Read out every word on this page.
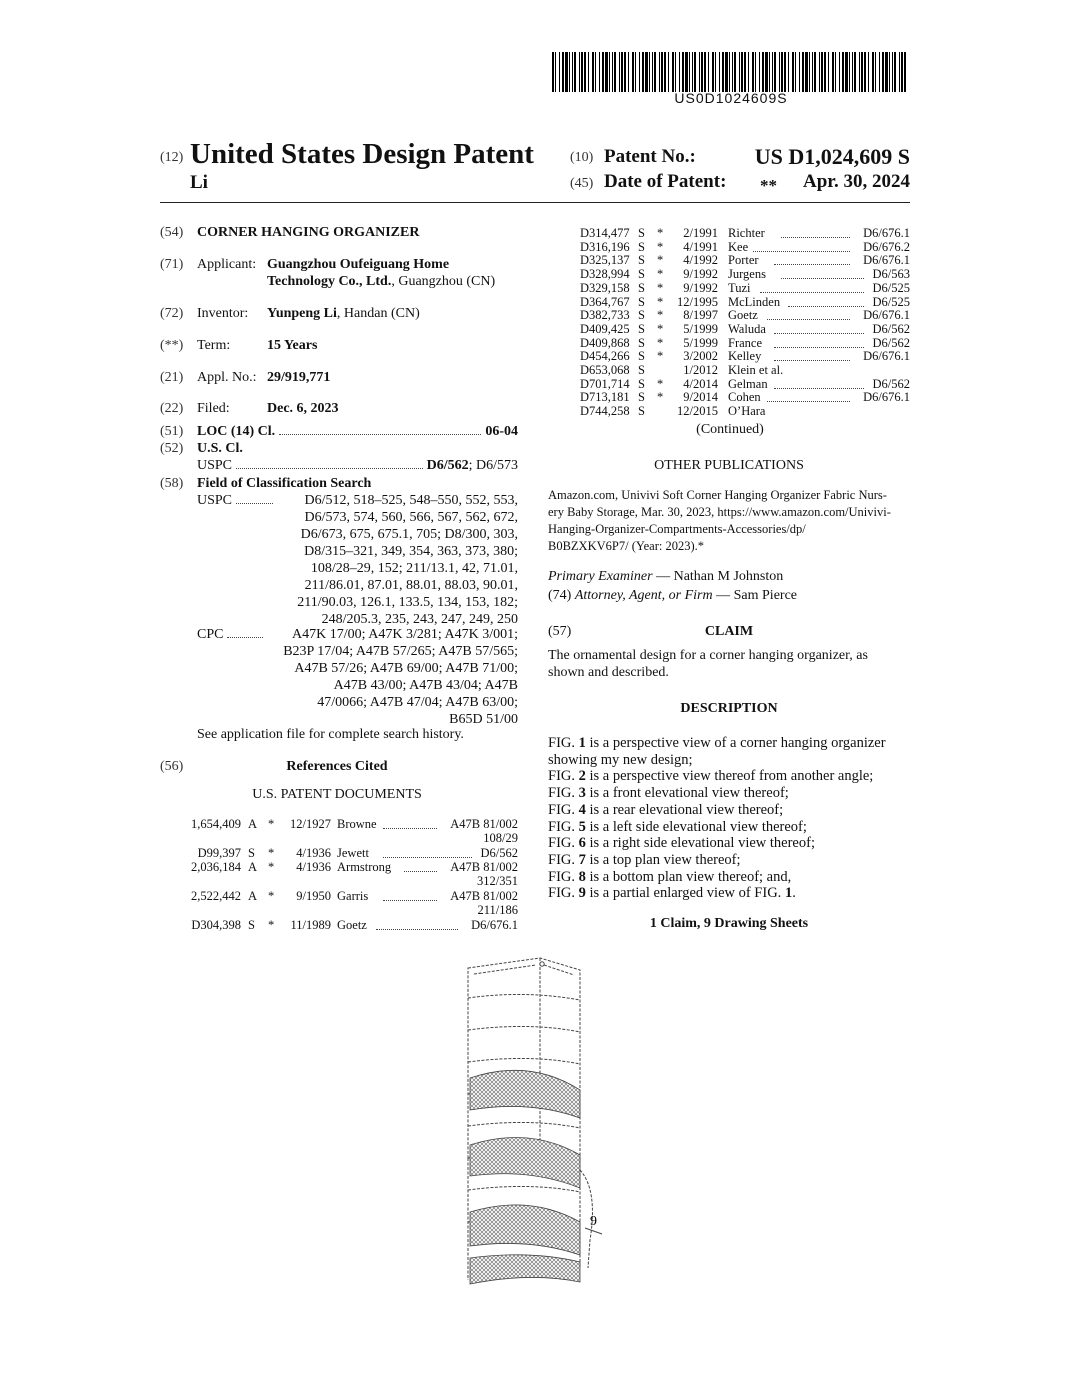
US0D1024609S
(12) United States Design Patent
Li
(10) Patent No.:	US D1,024,609 S
(45) Date of Patent: **	Apr. 30, 2024
(54) CORNER HANGING ORGANIZER
(71) Applicant: Guangzhou Oufeiguang Home
Technology Co., Ltd., Guangzhou (CN)
(72) Inventor: Yunpeng Li, Handan (CN)
(**) Term:	15 Years
(21) Appl. No.: 29/919,771
(22) Filed:	Dec. 6, 2023
(51) LOC (14) Cl.	06-04
(52) U.S. Cl.
USPC	D6/562 ; D6/573
(58) Field of Classification Search
USPC	D6/512, 518–525, 548–550, 552, 553,
D6/573, 574, 560, 566, 567, 562, 672,
D6/673, 675, 675.1, 705; D8/300, 303,
D8/315–321, 349, 354, 363, 373, 380;
108/28–29, 152; 211/13.1, 42, 71.01,
211/86.01, 87.01, 88.01, 88.03, 90.01,
211/90.03, 126.1, 133.5, 134, 153, 182;
248/205.3, 235, 243, 247, 249, 250
CPC	A47K 17/00; A47K 3/281; A47K 3/001;
B23P 17/04; A47B 57/265; A47B 57/565;
A47B 57/26; A47B 69/00; A47B 71/00;
A47B 43/00; A47B 43/04; A47B
47/0066; A47B 47/04; A47B 63/00;
B65D 51/00
See application file for complete search history.
(56)	References Cited
U.S. PATENT DOCUMENTS
1,654,409 A *	12/1927 Browne	A47B 81/002
108/29
D99,397 S *	4/1936 Jewett	D6/562
2,036,184 A *	4/1936 Armstrong	A47B 81/002
312/351
2,522,442 A *	9/1950 Garris	A47B 81/002
211/186
D304,398 S *	11/1989 Goetz	D6/676.1
D314,477 S *	2/1991 Richter	D6/676.1
D316,196 S *	4/1991 Kee	D6/676.2
D325,137 S *	4/1992 Porter	D6/676.1
D328,994 S *	9/1992 Jurgens	D6/563
D329,158 S *	9/1992 Tuzi	D6/525
D364,767 S *	12/1995 McLinden	D6/525
D382,733 S *	8/1997 Goetz	D6/676.1
D409,425 S *	5/1999 Waluda	D6/562
D409,868 S *	5/1999 France	D6/562
D454,266 S *	3/2002 Kelley	D6/676.1
D653,068 S	1/2012 Klein et al.
D701,714 S *	4/2014 Gelman	D6/562
D713,181 S *	9/2014 Cohen	D6/676.1
D744,258 S	12/2015 O’Hara
(Continued)
OTHER PUBLICATIONS
Amazon.com, Univivi Soft Corner Hanging Organizer Fabric Nurs-
ery Baby Storage, Mar. 30, 2023, https://www.amazon.com/Univivi-
Hanging-Organizer-Compartments-Accessories/dp/
B0BZXKV6P7/ (Year: 2023).*
Primary Examiner — Nathan M Johnston
(74) Attorney, Agent, or Firm — Sam Pierce
(57)	CLAIM
The ornamental design for a corner hanging organizer, as
shown and described.
DESCRIPTION
FIG. 1 is a perspective view of a corner hanging organizer
showing my new design;
FIG. 2 is a perspective view thereof from another angle;
FIG. 3 is a front elevational view thereof;
FIG. 4 is a rear elevational view thereof;
FIG. 5 is a left side elevational view thereof;
FIG. 6 is a right side elevational view thereof;
FIG. 7 is a top plan view thereof;
FIG. 8 is a bottom plan view thereof; and,
FIG. 9 is a partial enlarged view of FIG. 1.
1 Claim, 9 Drawing Sheets
9
